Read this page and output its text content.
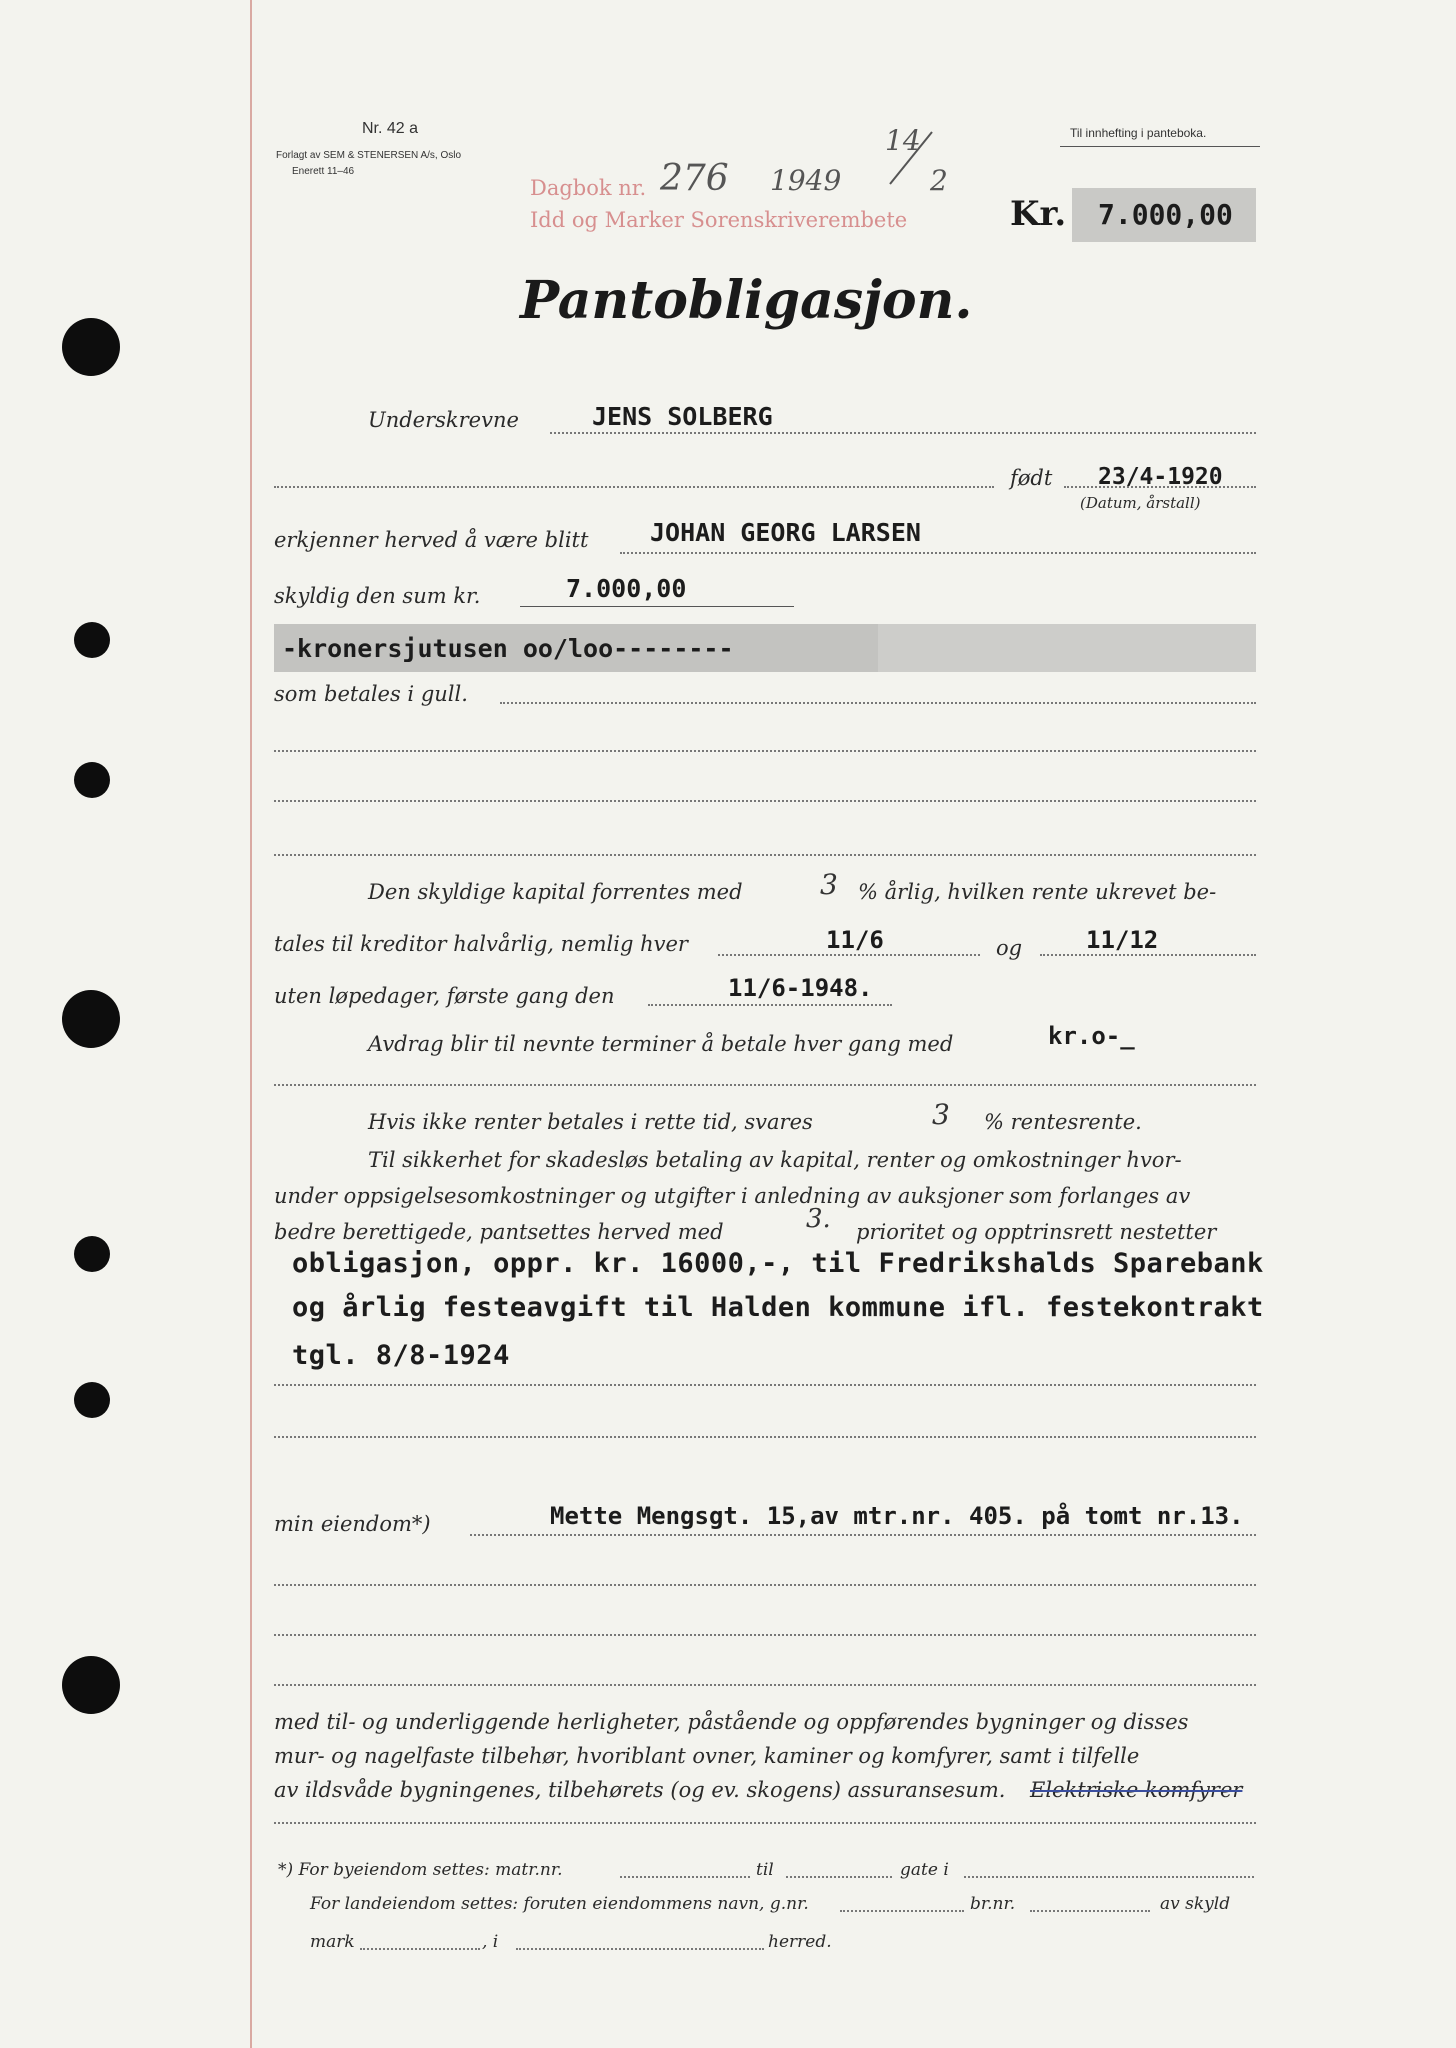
Nr. 42 a
Forlagt av SEM & STENERSEN A/s, Oslo
Enerett 11–46
Til innhefting i panteboka.
Dagbok nr.
Idd og Marker Sorenskriverembete
276 1949
14
2
Kr. 7.000,00
Pantobligasjon.
Underskrevne	JENS SOLBERG
født 23/4-1920
(Datum, årstall)
erkjenner herved å være blitt JOHAN GEORG LARSEN
skyldig den sum kr.	7.000,00
-kronersjutusen oo/loo--------
som betales i gull.
Den skyldige kapital forrentes med	3 % årlig, hvilken rente ukrevet be-
tales til kreditor halvårlig, nemlig hver	11/6	og	11/12
uten løpedager, første gang den	11/6-1948.
Avdrag blir til nevnte terminer å betale hver gang med	kr.o-_
Hvis ikke renter betales i rette tid, svares	3 % rentesrente.
Til sikkerhet for skadesløs betaling av kapital, renter og omkostninger hvor-
under oppsigelsesomkostninger og utgifter i anledning av auksjoner som forlanges av
bedre berettigede, pantsettes herved med	3. prioritet og opptrinsrett nestetter
obligasjon, oppr. kr. 16000,-, til Fredrikshalds Sparebank
og årlig festeavgift til Halden kommune ifl. festekontrakt
tgl. 8/8-1924
min eiendom*)	Mette Mengsgt. 15,av mtr.nr. 405. på tomt nr.13.
med til- og underliggende herligheter, påstående og oppførendes bygninger og disses
mur- og nagelfaste tilbehør, hvoriblant ovner, kaminer og komfyrer, samt i tilfelle
av ildsvåde bygningenes, tilbehørets (og ev. skogens) assuransesum. Elektriske komfyrer
*) For byeiendom settes: matr.nr.	til	gate i
For landeiendom settes: foruten eiendommens navn, g.nr.	br.nr.	av skyld
mark	, i	herred.
